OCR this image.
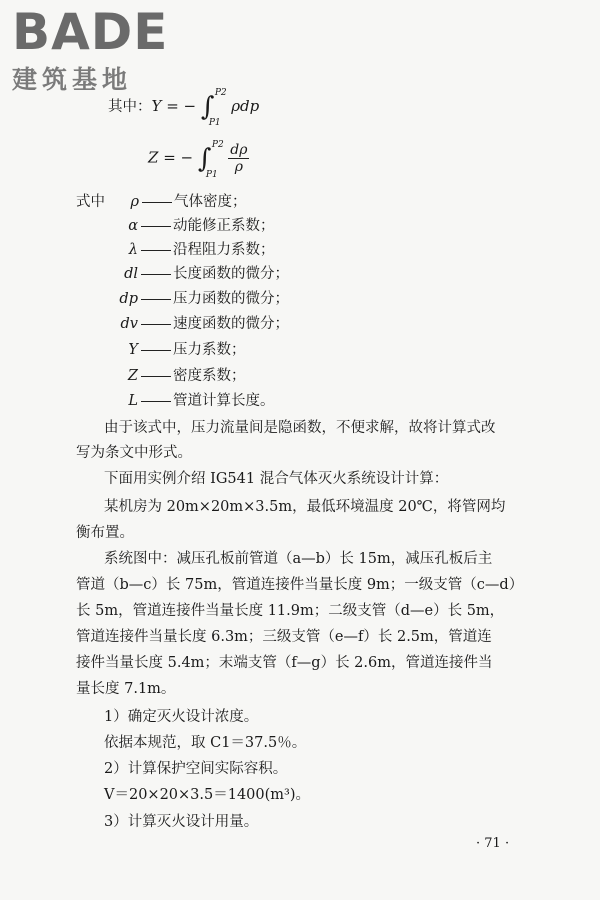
BADE
建筑基地
其中：Y = − ∫ P2
P1
ρdp
Z = − ∫ P2
P1
$\frac{d\rho}{\rho}$
式中 ρ 气体密度；
α 动能修正系数；
λ 沿程阻力系数；
dl 长度函数的微分；
dp 压力函数的微分；
dv 速度函数的微分；
Y 压力系数；
Z 密度系数；
L 管道计算长度。
由于该式中，压力流量间是隐函数，不便求解，故将计算式改
写为条文中形式。
下面用实例介绍 IG541 混合气体灭火系统设计计算：
某机房为 20m×20m×3.5m，最低环境温度 20℃，将管网均
衡布置。
系统图中：减压孔板前管道（a—b）长 15m，减压孔板后主
管道（b—c）长 75m，管道连接件当量长度 9m；一级支管（c—d）
长 5m，管道连接件当量长度 11.9m；二级支管（d—e）长 5m，
管道连接件当量长度 6.3m；三级支管（e—f）长 2.5m，管道连
接件当量长度 5.4m；末端支管（f—g）长 2.6m，管道连接件当
量长度 7.1m。
1）确定灭火设计浓度。
依据本规范，取 C1＝37.5％。
2）计算保护空间实际容积。
V＝20×20×3.5＝1400(m³)。
3）计算灭火设计用量。
· 71 ·
